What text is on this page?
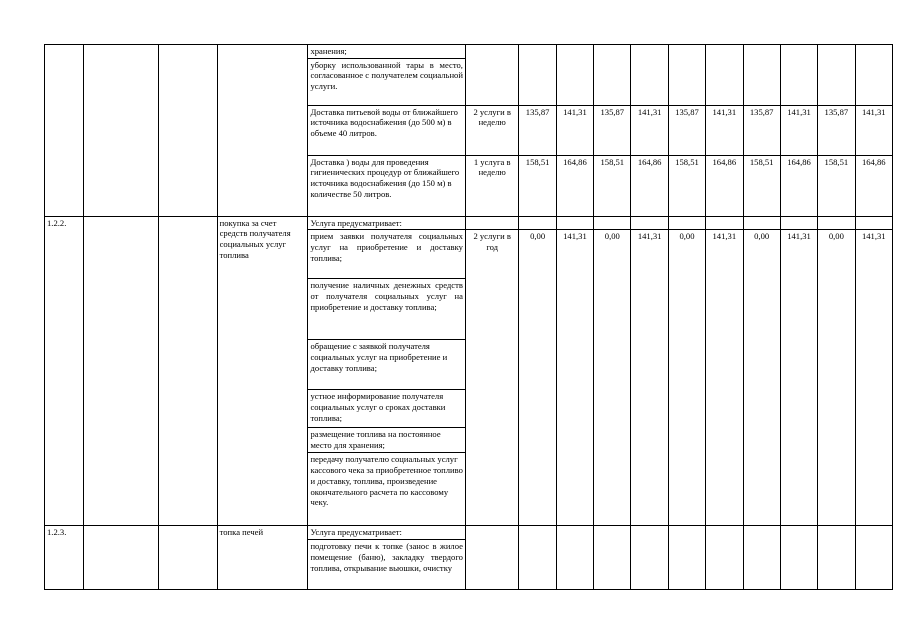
				хранения;											
				уборку использованной тары в место, согласованное с получателем социальной услуги.											
				Доставка питьевой воды от ближайшего источника водоснабжения (до 500 м) в объеме 40 литров.	2 услуги в неделю	135,87	141,31	135,87	141,31	135,87	141,31	135,87	141,31	135,87	141,31
				Доставка ) воды для проведения гигиенических процедур от ближайшего источника водоснабжения (до 150 м) в количестве 50 литров.	1 услуга в неделю	158,51	164,86	158,51	164,86	158,51	164,86	158,51	164,86	158,51	164,86
1.2.2.			покупка за счет средств получателя социальных услуг топлива	Услуга предусматривает:											
				прием заявки получателя социальных услуг на приобретение и доставку топлива;	2 услуги в год	0,00	141,31	0,00	141,31	0,00	141,31	0,00	141,31	0,00	141,31
				получение наличных денежных средств от получателя социальных услуг на приобретение и доставку топлива;											
				обращение с заявкой получателя социальных услуг на приобретение и доставку топлива;											
				устное информирование получателя социальных услуг о сроках доставки топлива;											
				размещение топлива на постоянное место для хранения;											
				передачу получателю социальных услуг кассового чека за приобретенное топливо и доставку, топлива, произведение окончательного расчета по кассовому чеку.											
1.2.3.			топка печей	Услуга предусматривает:											
				подготовку печи к топке (занос в жилое помещение (баню), закладку твердого топлива, открывание вьюшки, очистку											
